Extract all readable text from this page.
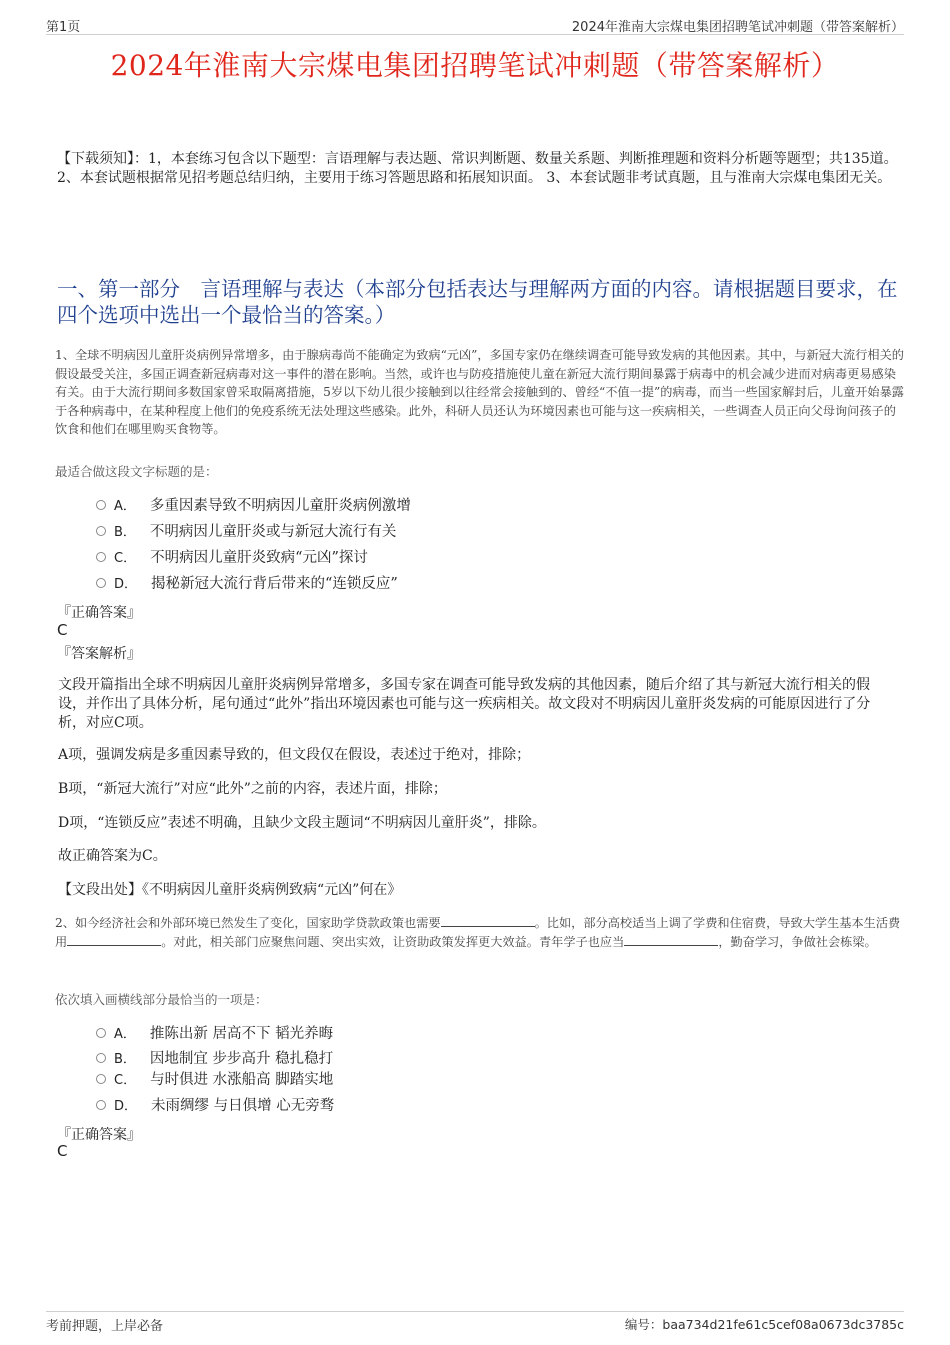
第1页	2024年淮南大宗煤电集团招聘笔试冲刺题（带答案解析）
2024年淮南大宗煤电集团招聘笔试冲刺题（带答案解析）
【下载须知】：1，本套练习包含以下题型：言语理解与表达题、常识判断题、数量关系题、判断推理题和资料分析题等题型；共135道。 2、本套试题根据常见招考题总结归纳，主要用于练习答题思路和拓展知识面。 3、本套试题非考试真题，且与淮南大宗煤电集团无关。
一、第一部分　言语理解与表达（本部分包括表达与理解两方面的内容。请根据题目要求，在四个选项中选出一个最恰当的答案。）
1、全球不明病因儿童肝炎病例异常增多，由于腺病毒尚不能确定为致病“元凶”，多国专家仍在继续调查可能导致发病的其他因素。其中，与新冠大流行相关的假设最受关注，多国正调查新冠病毒对这一事件的潜在影响。当然，或许也与防疫措施使儿童在新冠大流行期间暴露于病毒中的机会减少进而对病毒更易感染有关。由于大流行期间多数国家曾采取隔离措施，5岁以下幼儿很少接触到以往经常会接触到的、曾经“不值一提”的病毒，而当一些国家解封后，儿童开始暴露于各种病毒中，在某种程度上他们的免疫系统无法处理这些感染。此外，科研人员还认为环境因素也可能与这一疾病相关，一些调查人员正向父母询问孩子的饮食和他们在哪里购买食物等。
最适合做这段文字标题的是：
A． 多重因素导致不明病因儿童肝炎病例激增
B． 不明病因儿童肝炎或与新冠大流行有关
C． 不明病因儿童肝炎致病“元凶”探讨
D． 揭秘新冠大流行背后带来的“连锁反应”
『正确答案』
C
『答案解析』
文段开篇指出全球不明病因儿童肝炎病例异常增多，多国专家在调查可能导致发病的其他因素，随后介绍了其与新冠大流行相关的假设，并作出了具体分析，尾句通过“此外”指出环境因素也可能与这一疾病相关。故文段对不明病因儿童肝炎发病的可能原因进行了分析，对应C项。
A项，强调发病是多重因素导致的，但文段仅在假设，表述过于绝对，排除；
B项，“新冠大流行”对应“此外”之前的内容，表述片面，排除；
D项，“连锁反应”表述不明确，且缺少文段主题词“不明病因儿童肝炎”，排除。
故正确答案为C。
【文段出处】《不明病因儿童肝炎病例致病“元凶”何在》
2、如今经济社会和外部环境已然发生了变化，国家助学贷款政策也需要	。比如，部分高校适当上调了学费和住宿费，导致大学生基本生活费用	。对此，相关部门应聚焦问题、突出实效，让资助政策发挥更大效益。青年学子也应当	，勤奋学习，争做社会栋梁。
依次填入画横线部分最恰当的一项是：
A． 推陈出新 居高不下 韬光养晦
B． 因地制宜 步步高升 稳扎稳打
C． 与时俱进 水涨船高 脚踏实地
D． 未雨绸缪 与日俱增 心无旁骛
『正确答案』
C
考前押题，上岸必备	编号：baa734d21fe61c5cef08a0673dc3785c
